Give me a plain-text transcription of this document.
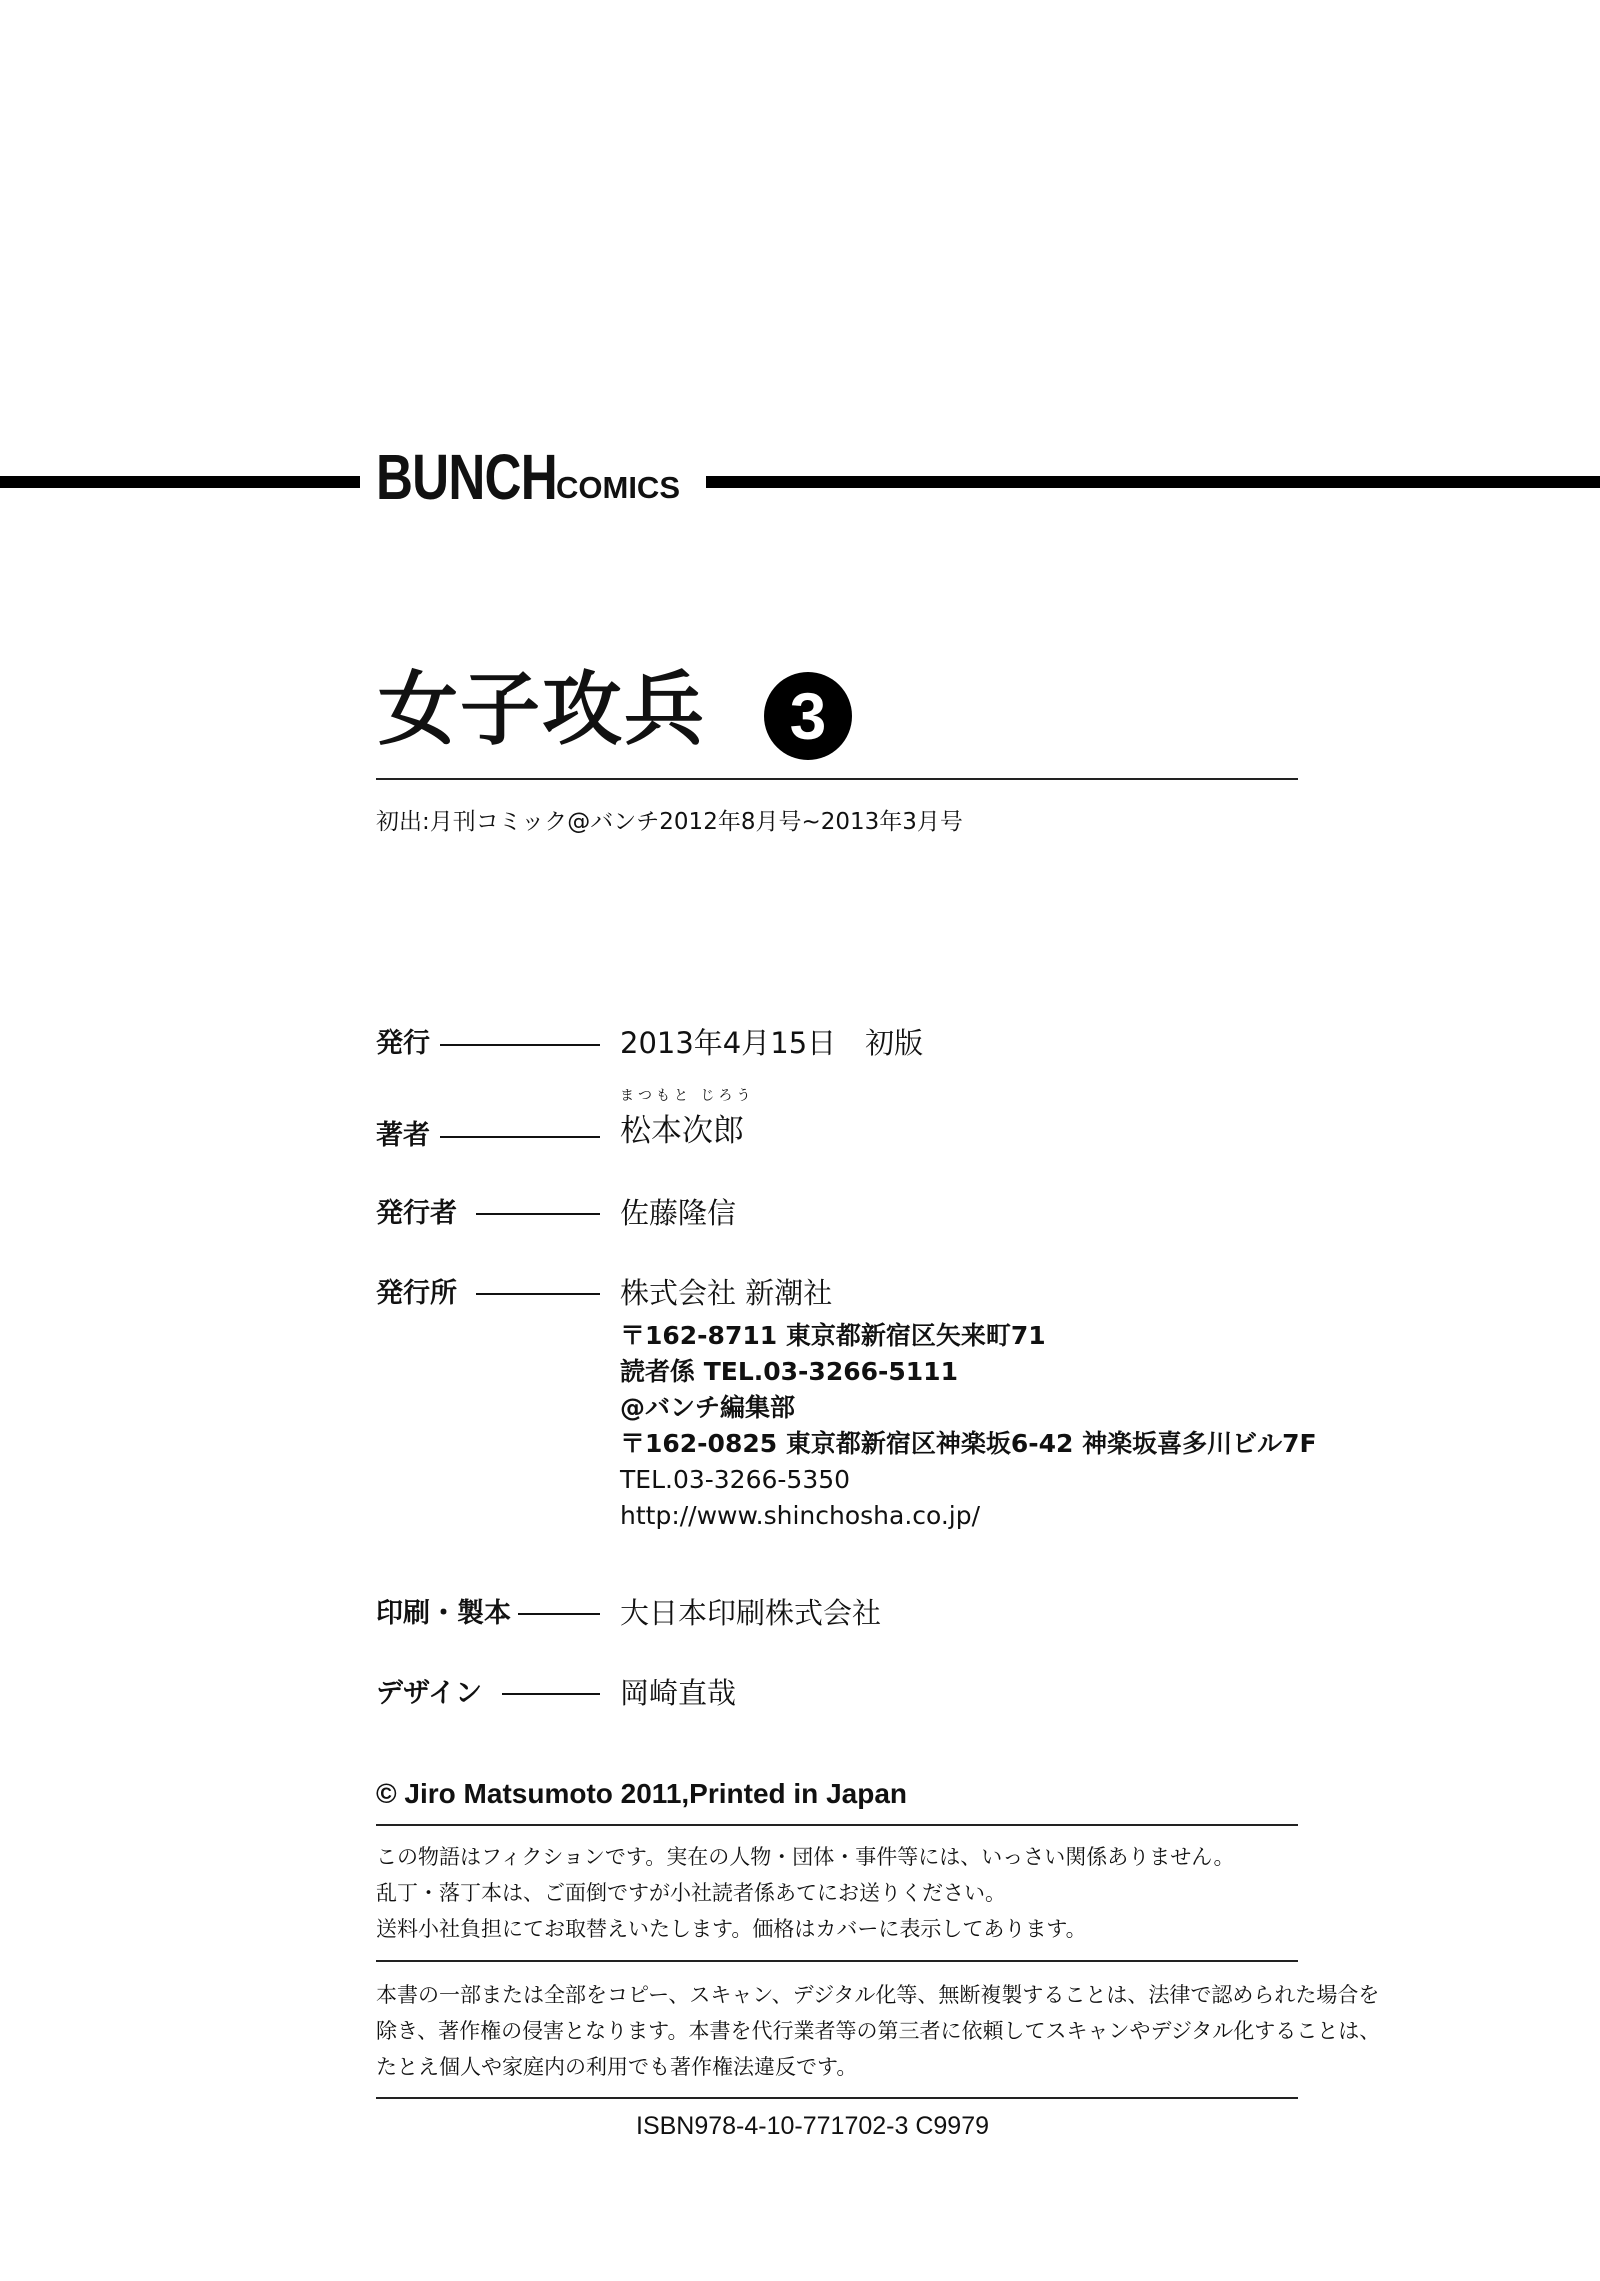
BUNCH COMICS
女子攻兵	3
初出:月刊コミック@バンチ2012年8月号~2013年3月号
発行	2013年4月15日　初版
まつもと じろう
著者	松本次郎
発行者	佐藤隆信
発行所	株式会社 新潮社
〒162-8711 東京都新宿区矢来町71
読者係 TEL.03-3266-5111
@バンチ編集部
〒162-0825 東京都新宿区神楽坂6-42 神楽坂喜多川ビル7F
TEL.03-3266-5350
http://www.shinchosha.co.jp/
印刷・製本	大日本印刷株式会社
デザイン	岡崎直哉
© Jiro Matsumoto 2011,Printed in Japan
この物語はフィクションです。実在の人物・団体・事件等には、いっさい関係ありません。
乱丁・落丁本は、ご面倒ですが小社読者係あてにお送りください。
送料小社負担にてお取替えいたします。価格はカバーに表示してあります。
本書の一部または全部をコピー、スキャン、デジタル化等、無断複製することは、法律で認められた場合を
除き、著作権の侵害となります。本書を代行業者等の第三者に依頼してスキャンやデジタル化することは、
たとえ個人や家庭内の利用でも著作権法違反です。
ISBN978-4-10-771702-3 C9979
